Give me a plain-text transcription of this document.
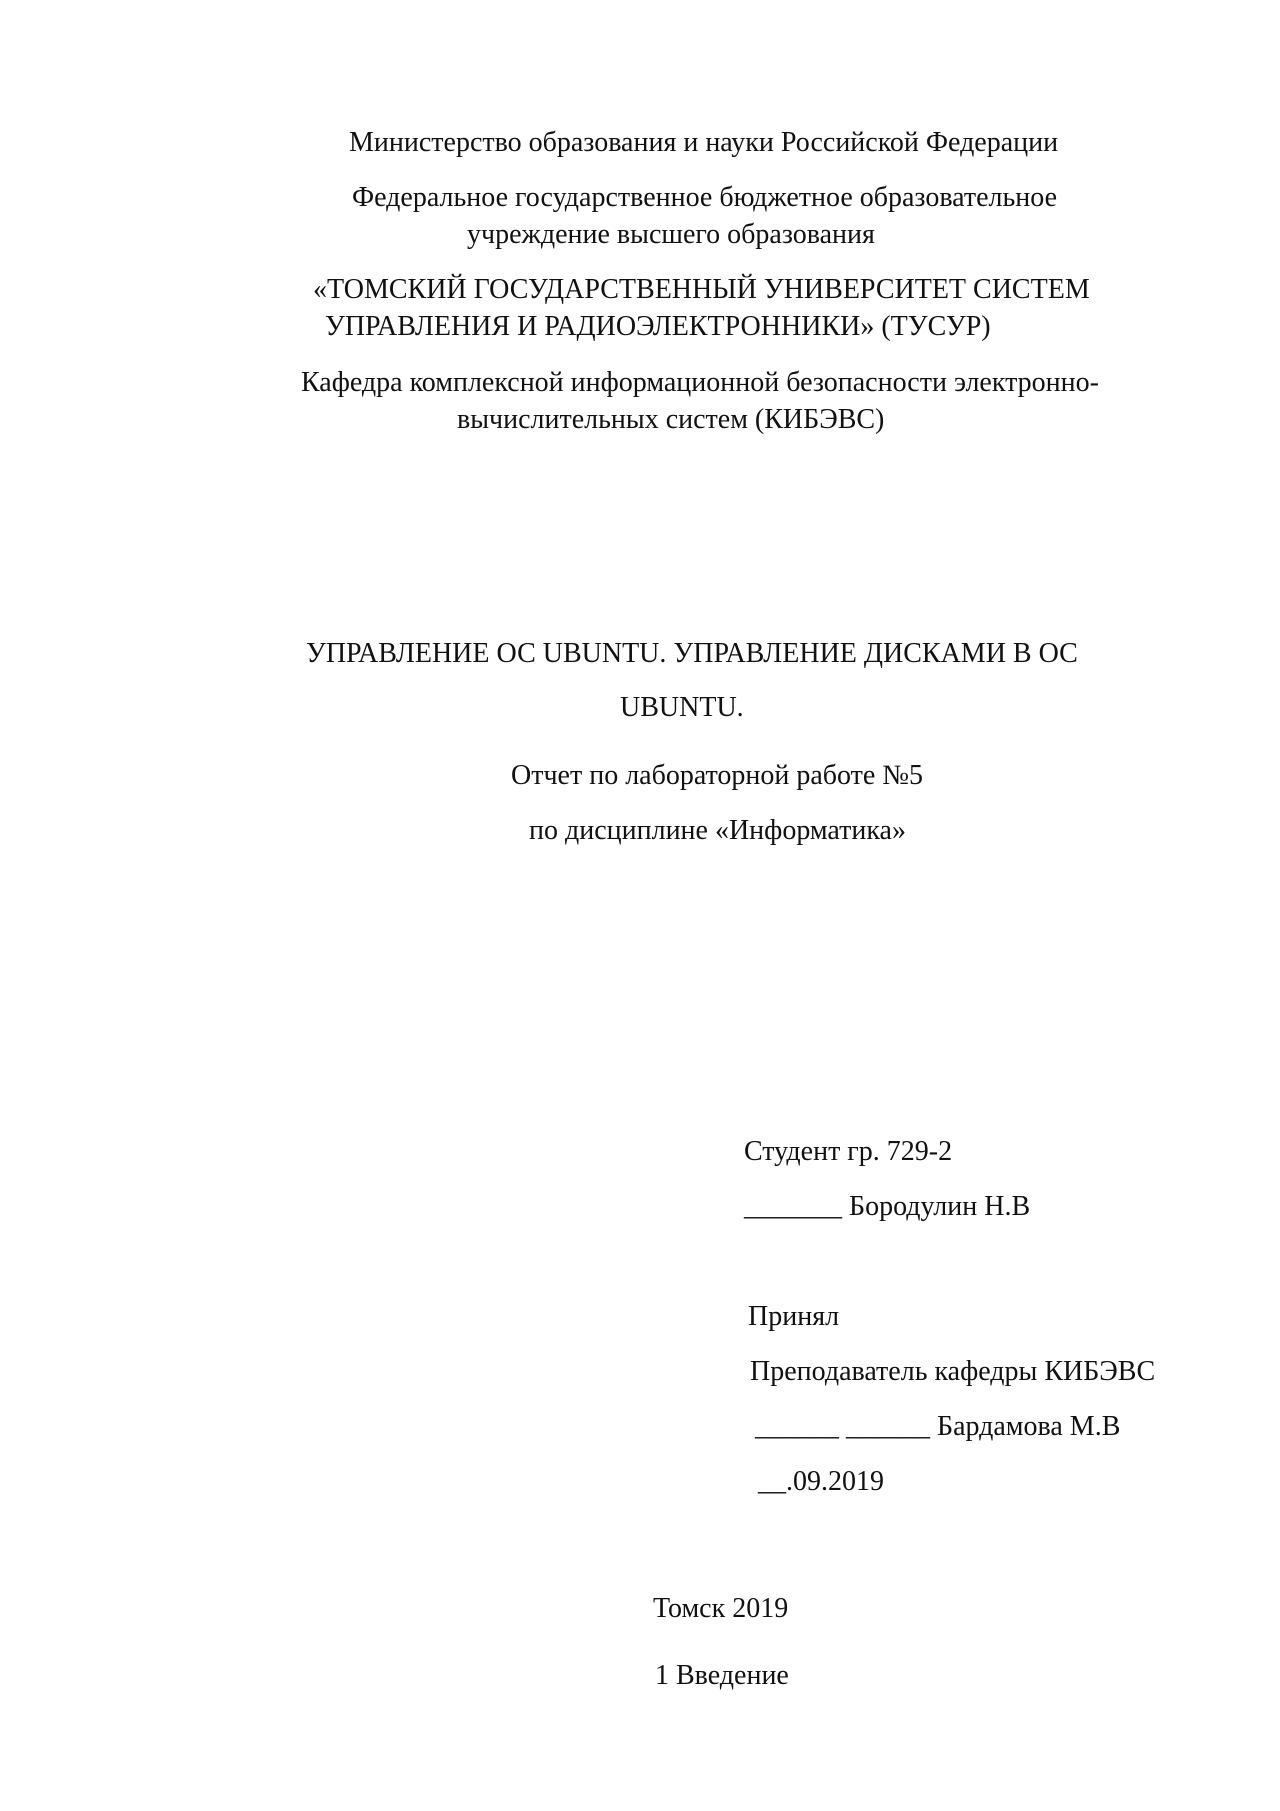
Министерство образования и науки Российской Федерации
Федеральное государственное бюджетное образовательное
учреждение высшего образования
«ТОМСКИЙ ГОСУДАРСТВЕННЫЙ УНИВЕРСИТЕТ СИСТЕМ
УПРАВЛЕНИЯ И РАДИОЭЛЕКТРОННИКИ» (ТУСУР)
Кафедра комплексной информационной безопасности электронно-
вычислительных систем (КИБЭВС)
УПРАВЛЕНИЕ ОС UBUNTU. УПРАВЛЕНИЕ ДИСКАМИ В ОС
UBUNTU.
Отчет по лабораторной работе №5
по дисциплине «Информатика»
Студент гр. 729-2
_______ Бородулин Н.В
Принял
Преподаватель кафедры КИБЭВС
______ ______ Бардамова М.В
__.09.2019
Томск 2019
1 Введение
